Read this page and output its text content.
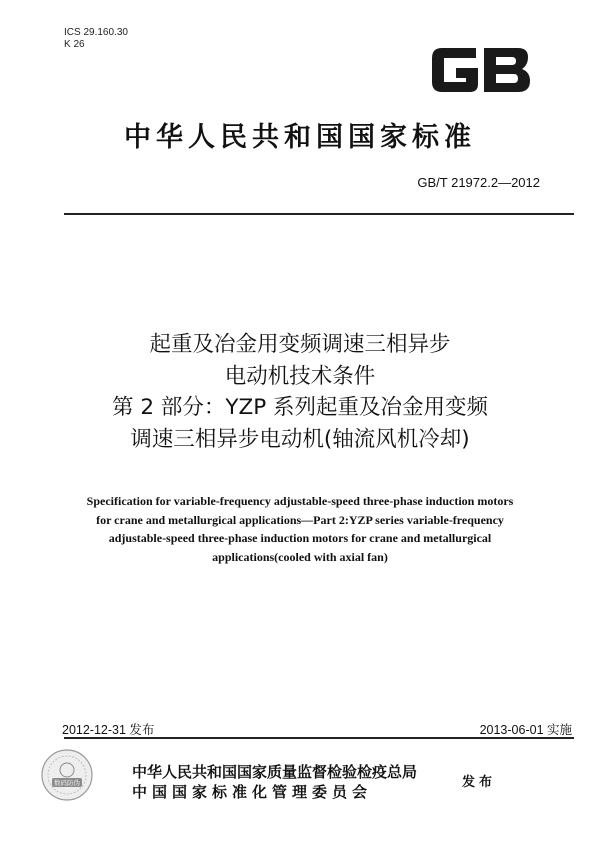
ICS 29.160.30
K 26
中华人民共和国国家标准
GB/T 21972.2—2012
起重及冶金用变频调速三相异步
电动机技术条件
第 2 部分：YZP 系列起重及冶金用变频
调速三相异步电动机(轴流风机冷却)
Specification for variable-frequency adjustable-speed three-phase induction motors
for crane and metallurgical applications—Part 2:YZP series variable-frequency
adjustable-speed three-phase induction motors for crane and metallurgical
applications(cooled with axial fan)
2012-12-31 发布	2013-06-01 实施
数码防伪
中华人民共和国国家质量监督检验检疫总局
中国国家标准化管理委员会
发布
